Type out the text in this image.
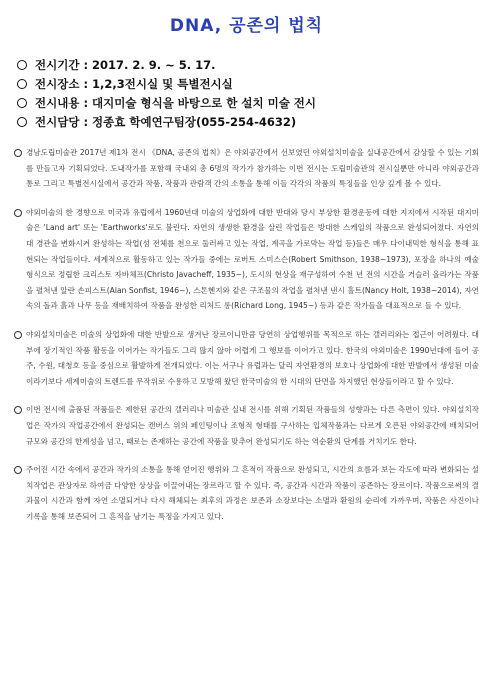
DNA, 공존의 법칙
전시기간 : 2017. 2. 9. ~ 5. 17.
전시장소 : 1,2,3전시실 및 특별전시실
전시내용 : 대지미술 형식을 바탕으로 한 설치 미술 전시
전시담당 : 정종효 학예연구팀장(055-254-4632)
경남도립미술관 2017년 제1차 전시 《DNA, 공존의 법칙》은 야외공간에서 선보였던 야외설치미술을 실내공간에서 감상할 수 있는 기회를 만들고자 기획되었다. 도내작가를 포함해 국내외 총 6명의 작가가 참가하는 이번 전시는 도립미술관의 전시실뿐만 아니라 야외공간과 통로 그리고 특별전시실에서 공간과 작품, 작품과 관람객 간의 소통을 통해 이들 각각의 작품의 특징들을 인상 깊게 볼 수 있다.
야외미술의 한 경향으로 미국과 유럽에서 1960년대 미술의 상업화에 대한 반대와 당시 부상한 환경운동에 대한 지지에서 시작된 대지미술은 'Land art' 또는 'Earthworks'로도 불린다. 자연의 생생한 환경을 살린 작업들은 방대한 스케일의 작품으로 완성되어졌다. 자연의 대 경관을 변화시켜 완성하는 작업(섬 전체를 천으로 둘러싸고 있는 작업, 계곡을 가로막는 작업 등)들은 매우 다이내믹한 형식을 통해 표현되는 작업들이다. 세계적으로 활동하고 있는 작가들 중에는 로버트 스미스슨(Robert Smithson, 1938~1973), 포장을 하나의 예술 형식으로 정립한 크리스토 자바체프(Christo Javacheff, 1935~), 도시의 현상을 재구성하여 수천 년 전의 시간을 거슬러 올라가는 작품을 펼쳐낸 알란 손피스트(Alan Sonfist, 1946~), 스톤헨지와 같은 구조물의 작업을 펼쳐낸 낸시 홀트(Nancy Holt, 1938~2014), 자연 속의 돌과 흙과 나무 등을 재배치하여 작품을 완성한 리처드 롱(Richard Long, 1945~) 등과 같은 작가들을 대표적으로 들 수 있다.
야외설치미술은 미술의 상업화에 대한 반발으로 생겨난 장르이니만큼 당연히 상업행위를 목적으로 하는 갤러리와는 접근이 어려웠다. 대부에 장기적인 작품 활동을 이어가는 작가들도 그리 많지 않아 어렵게 그 행보를 이어가고 있다. 한국의 야외미술은 1990년대에 들어 공주, 수원, 대청호 등을 중심으로 활발하게 전개되었다. 이는 서구나 유럽과는 달리 자연환경의 보호나 상업화에 대한 반발에서 생성된 미술이라기보다 세계미술의 트렌드를 무작위로 수용하고 모방해 왔던 한국미술의 한 시대의 단면을 차지했던 현상들이라고 할 수 있다.
이번 전시에 출품된 작품들은 제한된 공간의 갤러리나 미술관 실내 전시를 위해 기획된 작품들의 성향과는 다른 측면이 있다. 야외설치작업은 작가의 작업공간에서 완성되는 캔버스 위의 페인팅이나 조형적 형태를 구사하는 입체작품과는 다르게 오픈된 야외공간에 배치되어 규모와 공간의 한계성을 넘고, 때로는 존재하는 공간에 작품을 맞추어 완성되기도 하는 역순환의 단계를 거치기도 한다.
주어진 시간 속에서 공간과 작가의 소통을 통해 얻어진 행위와 그 흔적이 작품으로 완성되고, 시간의 흐름과 보는 각도에 따라 변화되는 설치작업은 관상자로 하여금 다양한 상상을 이끌어내는 장르라고 할 수 있다. 즉, 공간과 시간과 작품이 공존하는 장르이다. 작품으로써의 결과물이 시간과 함께 자연 소멸되거나 다시 해체되는 최후의 과정은 보존과 소장보다는 소멸과 환원의 순리에 가까우며, 작품은 사진이나 기록을 통해 보존되어 그 흔적을 남기는 특징을 가지고 있다.
